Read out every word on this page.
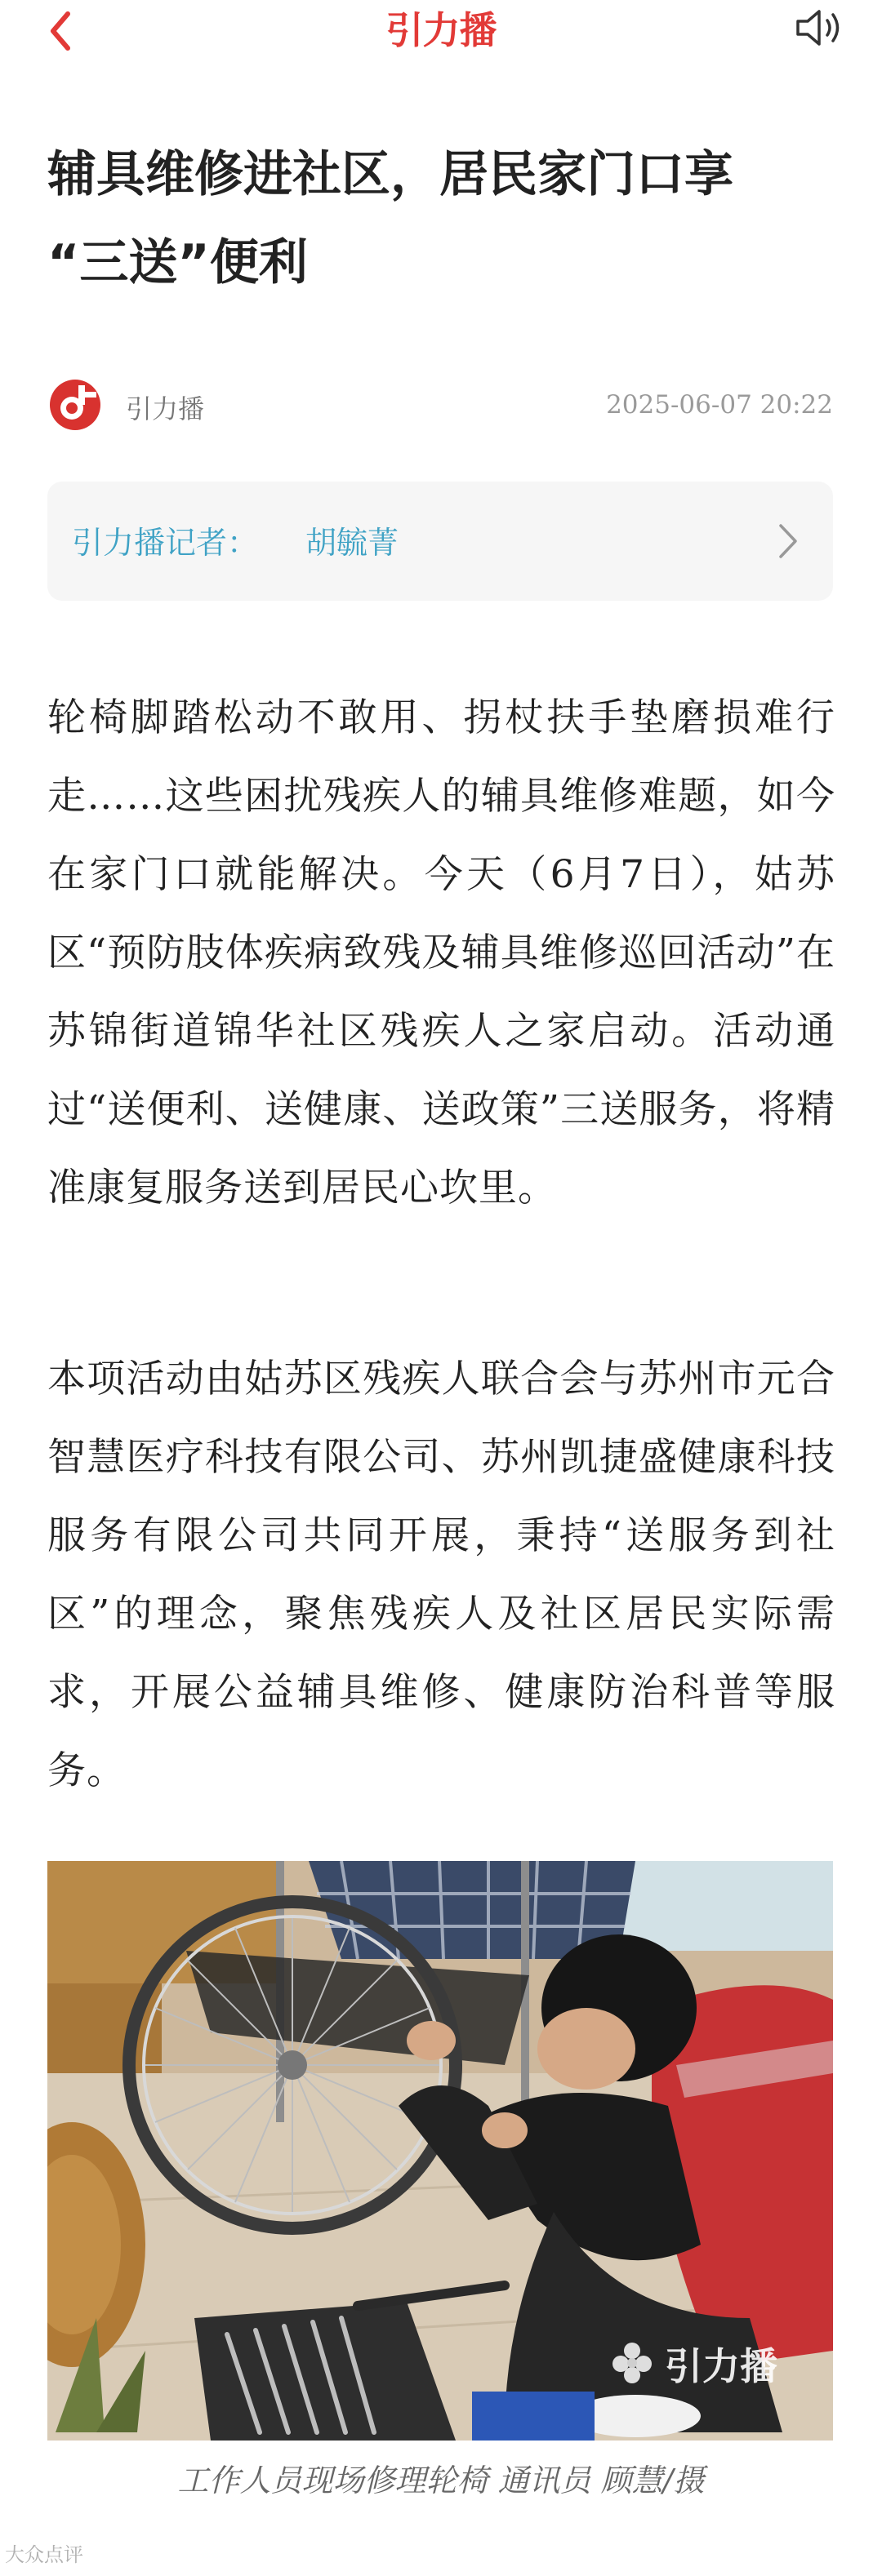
引力播
辅具维修进社区，居民家门口享
“三送”便利
引力播	2025-06-07 20:22
引力播记者： 胡毓菁

轮椅脚踏松动不敢用、拐杖扶手垫磨损难行走……这些困扰残疾人的辅具维修难题，如今在家门口就能解决。今天（6月7日），姑苏区“预防肢体疾病致残及辅具维修巡回活动”在苏锦街道锦华社区残疾人之家启动。活动通过“送便利、送健康、送政策”三送服务，将精准康复服务送到居民心坎里。

本项活动由姑苏区残疾人联合会与苏州市元合智慧医疗科技有限公司、苏州凯捷盛健康科技服务有限公司共同开展，秉持“送服务到社区”的理念，聚焦残疾人及社区居民实际需求，开展公益辅具维修、健康防治科普等服务。

引力播
工作人员现场修理轮椅 通讯员 顾慧/摄
大众点评
